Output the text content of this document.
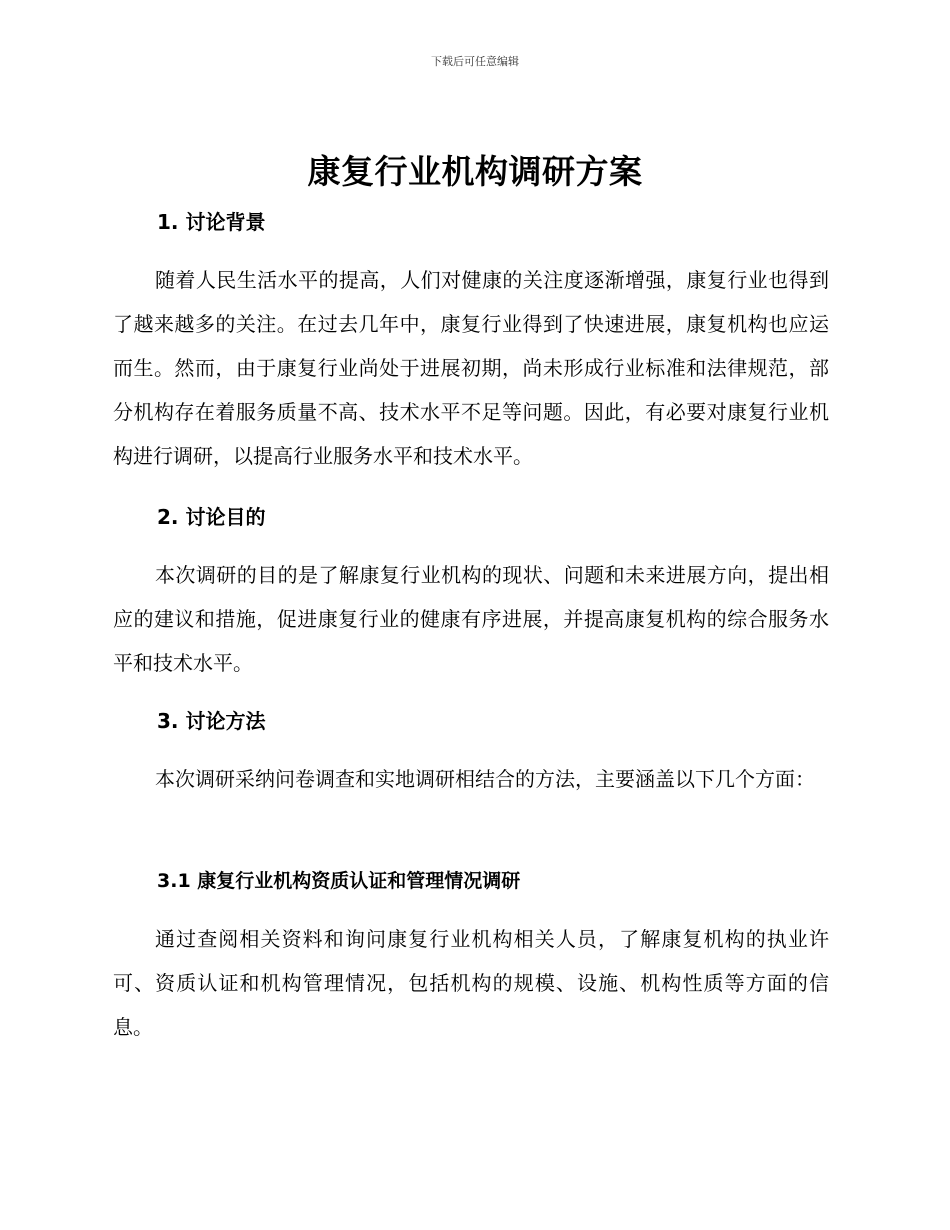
下载后可任意编辑
康复行业机构调研方案
1. 讨论背景

随着人民生活水平的提高，人们对健康的关注度逐渐增强，康复行业也得到了越来越多的关注。在过去几年中，康复行业得到了快速进展，康复机构也应运而生。然而，由于康复行业尚处于进展初期，尚未形成行业标准和法律规范，部分机构存在着服务质量不高、技术水平不足等问题。因此，有必要对康复行业机构进行调研，以提高行业服务水平和技术水平。

2. 讨论目的

本次调研的目的是了解康复行业机构的现状、问题和未来进展方向，提出相应的建议和措施，促进康复行业的健康有序进展，并提高康复机构的综合服务水平和技术水平。

3. 讨论方法

本次调研采纳问卷调查和实地调研相结合的方法，主要涵盖以下几个方面：

3.1 康复行业机构资质认证和管理情况调研

通过查阅相关资料和询问康复行业机构相关人员，了解康复机构的执业许可、资质认证和机构管理情况，包括机构的规模、设施、机构性质等方面的信息。
